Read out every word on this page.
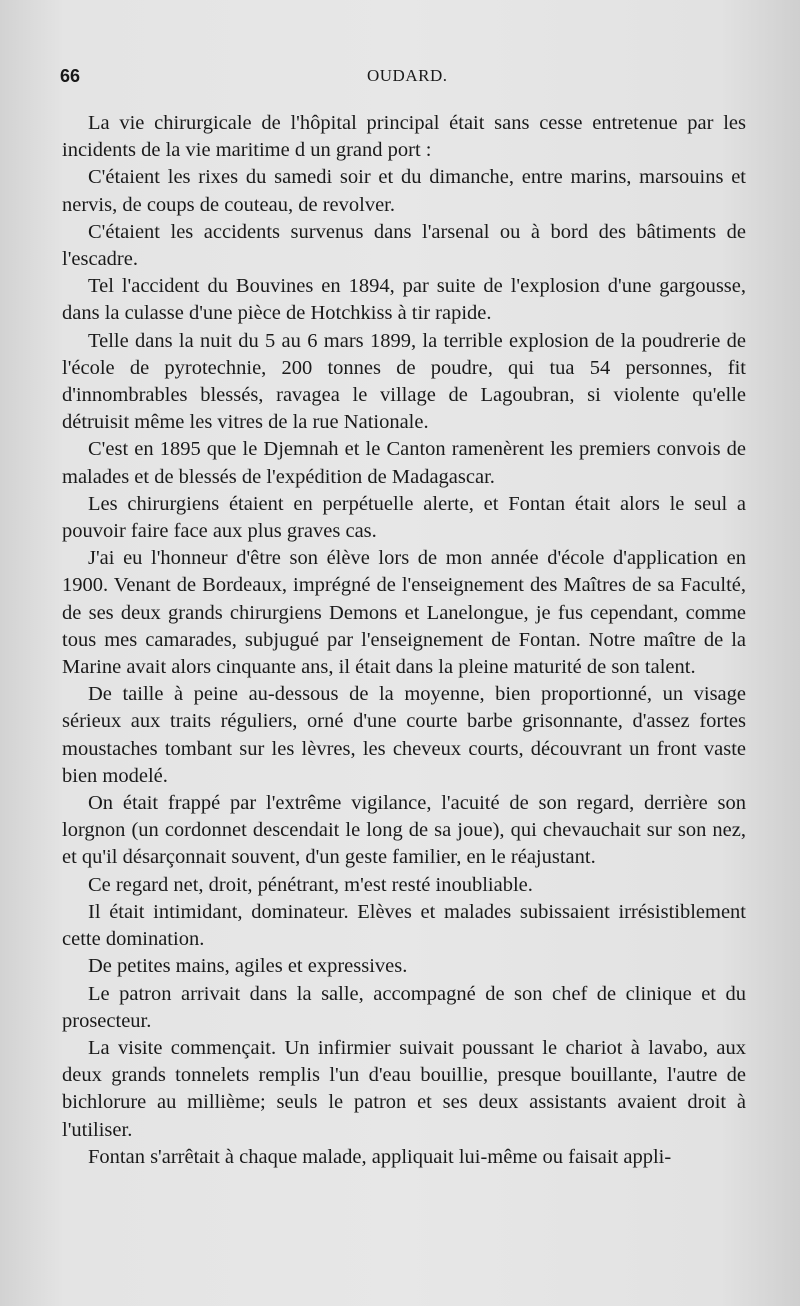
66	OUDARD.

La vie chirurgicale de l'hôpital principal était sans cesse entretenue par les incidents de la vie maritime d un grand port :

C'étaient les rixes du samedi soir et du dimanche, entre marins, marsouins et nervis, de coups de couteau, de revolver.

C'étaient les accidents survenus dans l'arsenal ou à bord des bâtiments de l'escadre.

Tel l'accident du Bouvines en 1894, par suite de l'explosion d'une gargousse, dans la culasse d'une pièce de Hotchkiss à tir rapide.

Telle dans la nuit du 5 au 6 mars 1899, la terrible explosion de la poudrerie de l'école de pyrotechnie, 200 tonnes de poudre, qui tua 54 personnes, fit d'innombrables blessés, ravagea le village de Lagoubran, si violente qu'elle détruisit même les vitres de la rue Nationale.

C'est en 1895 que le Djemnah et le Canton ramenèrent les premiers convois de malades et de blessés de l'expédition de Madagascar.

Les chirurgiens étaient en perpétuelle alerte, et Fontan était alors le seul a pouvoir faire face aux plus graves cas.

J'ai eu l'honneur d'être son élève lors de mon année d'école d'application en 1900. Venant de Bordeaux, imprégné de l'enseignement des Maîtres de sa Faculté, de ses deux grands chirurgiens Demons et Lanelongue, je fus cependant, comme tous mes camarades, subjugué par l'enseignement de Fontan. Notre maître de la Marine avait alors cinquante ans, il était dans la pleine maturité de son talent.

De taille à peine au-dessous de la moyenne, bien proportionné, un visage sérieux aux traits réguliers, orné d'une courte barbe grisonnante, d'assez fortes moustaches tombant sur les lèvres, les cheveux courts, découvrant un front vaste bien modelé.

On était frappé par l'extrême vigilance, l'acuité de son regard, derrière son lorgnon (un cordonnet descendait le long de sa joue), qui chevauchait sur son nez, et qu'il désarçonnait souvent, d'un geste familier, en le réajustant.

Ce regard net, droit, pénétrant, m'est resté inoubliable.

Il était intimidant, dominateur. Elèves et malades subissaient irrésistiblement cette domination.

De petites mains, agiles et expressives.

Le patron arrivait dans la salle, accompagné de son chef de clinique et du prosecteur.

La visite commençait. Un infirmier suivait poussant le chariot à lavabo, aux deux grands tonnelets remplis l'un d'eau bouillie, presque bouillante, l'autre de bichlorure au millième; seuls le patron et ses deux assistants avaient droit à l'utiliser.

Fontan s'arrêtait à chaque malade, appliquait lui-même ou faisait appli-
